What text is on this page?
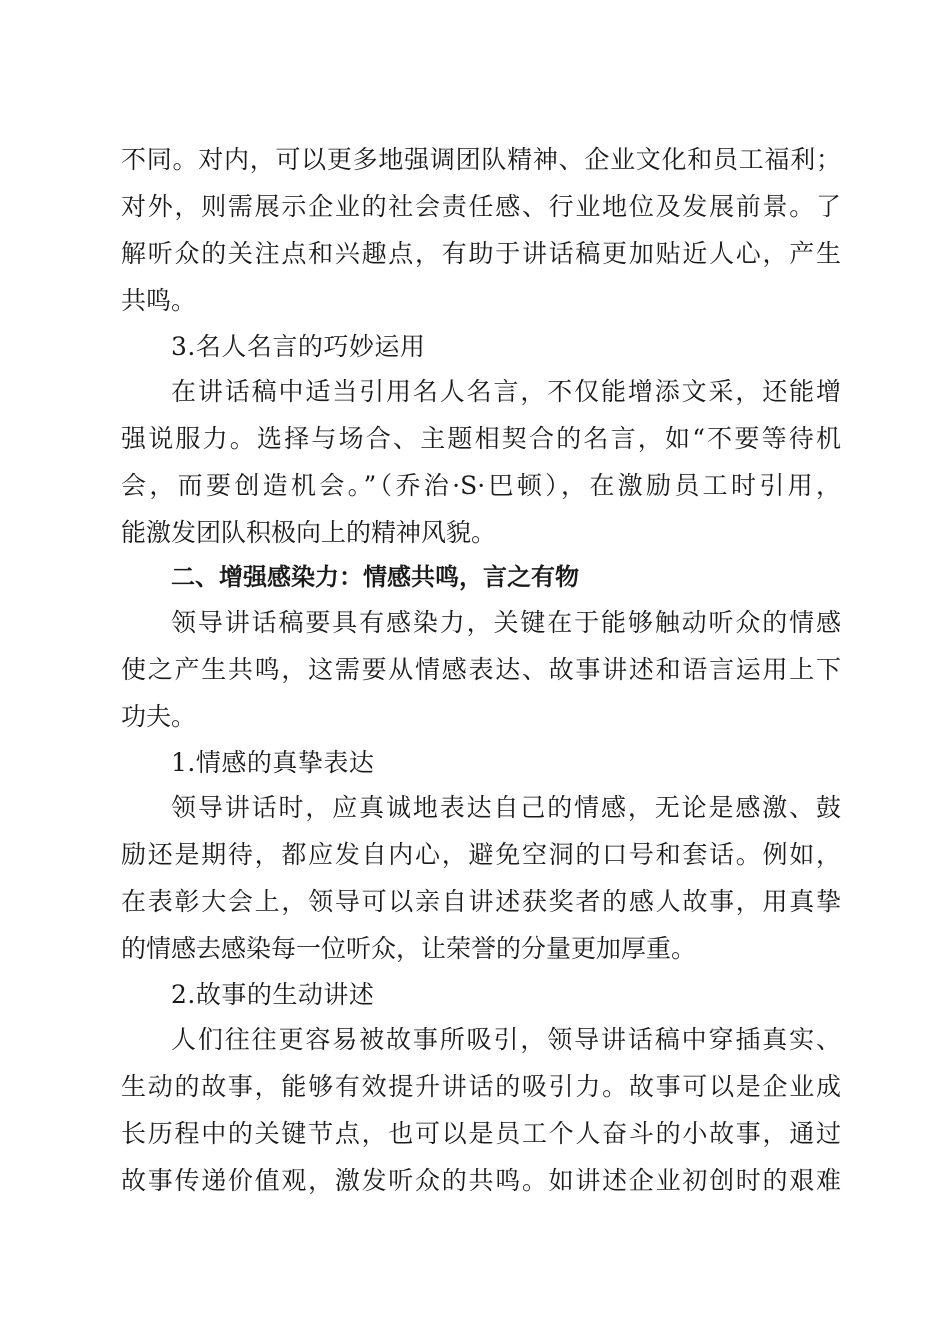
不同。对内，可以更多地强调团队精神、企业文化和员工福利；
对外，则需展示企业的社会责任感、行业地位及发展前景。了
解听众的关注点和兴趣点，有助于讲话稿更加贴近人心，产生
共鸣。
3.名人名言的巧妙运用
在讲话稿中适当引用名人名言，不仅能增添文采，还能增
强说服力。选择与场合、主题相契合的名言，如“不要等待机
会，而要创造机会。”（乔治·S·巴顿），在激励员工时引用，
能激发团队积极向上的精神风貌。
二、增强感染力：情感共鸣，言之有物
领导讲话稿要具有感染力，关键在于能够触动听众的情感
使之产生共鸣，这需要从情感表达、故事讲述和语言运用上下
功夫。
1.情感的真挚表达
领导讲话时，应真诚地表达自己的情感，无论是感激、鼓
励还是期待，都应发自内心，避免空洞的口号和套话。例如，
在表彰大会上，领导可以亲自讲述获奖者的感人故事，用真挚
的情感去感染每一位听众，让荣誉的分量更加厚重。
2.故事的生动讲述
人们往往更容易被故事所吸引，领导讲话稿中穿插真实、
生动的故事，能够有效提升讲话的吸引力。故事可以是企业成
长历程中的关键节点，也可以是员工个人奋斗的小故事，通过
故事传递价值观，激发听众的共鸣。如讲述企业初创时的艰难
